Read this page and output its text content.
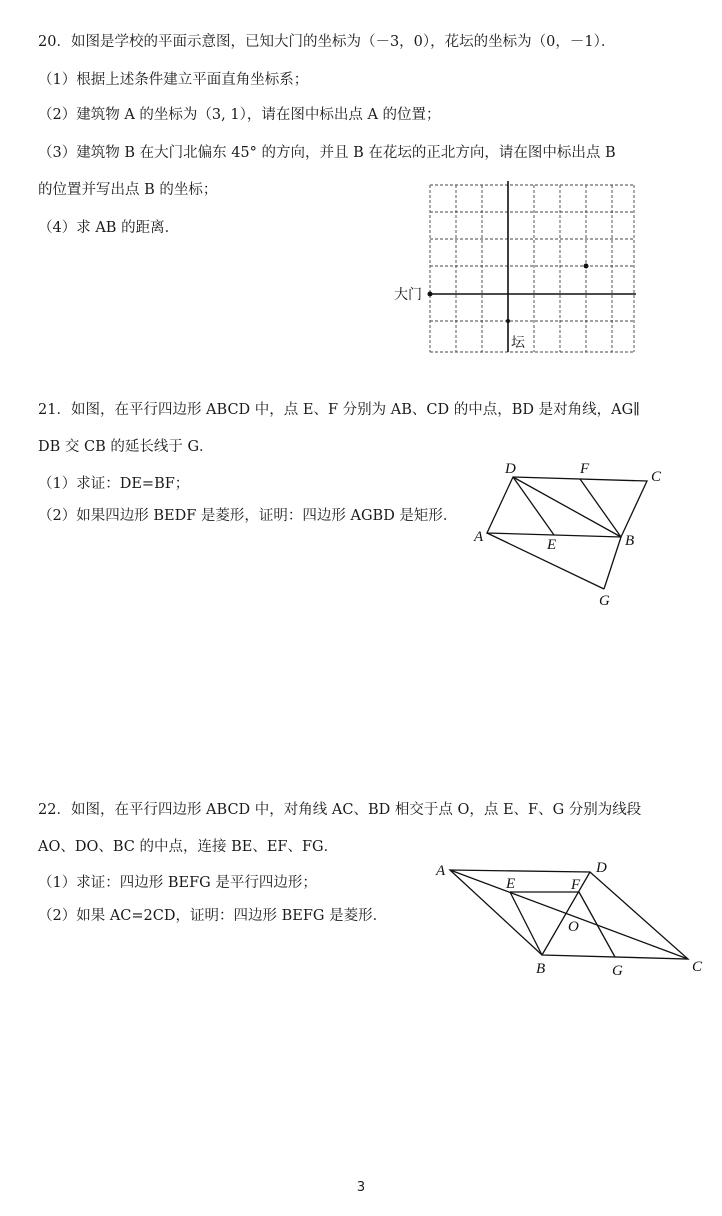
20．如图是学校的平面示意图，已知大门的坐标为（－3，0），花坛的坐标为（0，－1）．
（1）根据上述条件建立平面直角坐标系；
（2）建筑物 A 的坐标为（3, 1），请在图中标出点 A 的位置；
（3）建筑物 B 在大门北偏东 45° 的方向，并且 B 在花坛的正北方向，请在图中标出点 B
的位置并写出点 B 的坐标；
（4）求 AB 的距离．
大门
坛
21．如图，在平行四边形 ABCD 中，点 E、F 分别为 AB、CD 的中点，BD 是对角线，AG∥
DB 交 CB 的延长线于 G．
（1）求证：DE=BF；
（2）如果四边形 BEDF 是菱形，证明：四边形 AGBD 是矩形．
D	F	C
A	E	B
G
22．如图，在平行四边形 ABCD 中，对角线 AC、BD 相交于点 O，点 E、F、G 分别为线段
AO、DO、BC 的中点，连接 BE、EF、FG．
（1）求证：四边形 BEFG 是平行四边形；
（2）如果 AC=2CD，证明：四边形 BEFG 是菱形．
A	D
E	F
O
B	G	C
3
